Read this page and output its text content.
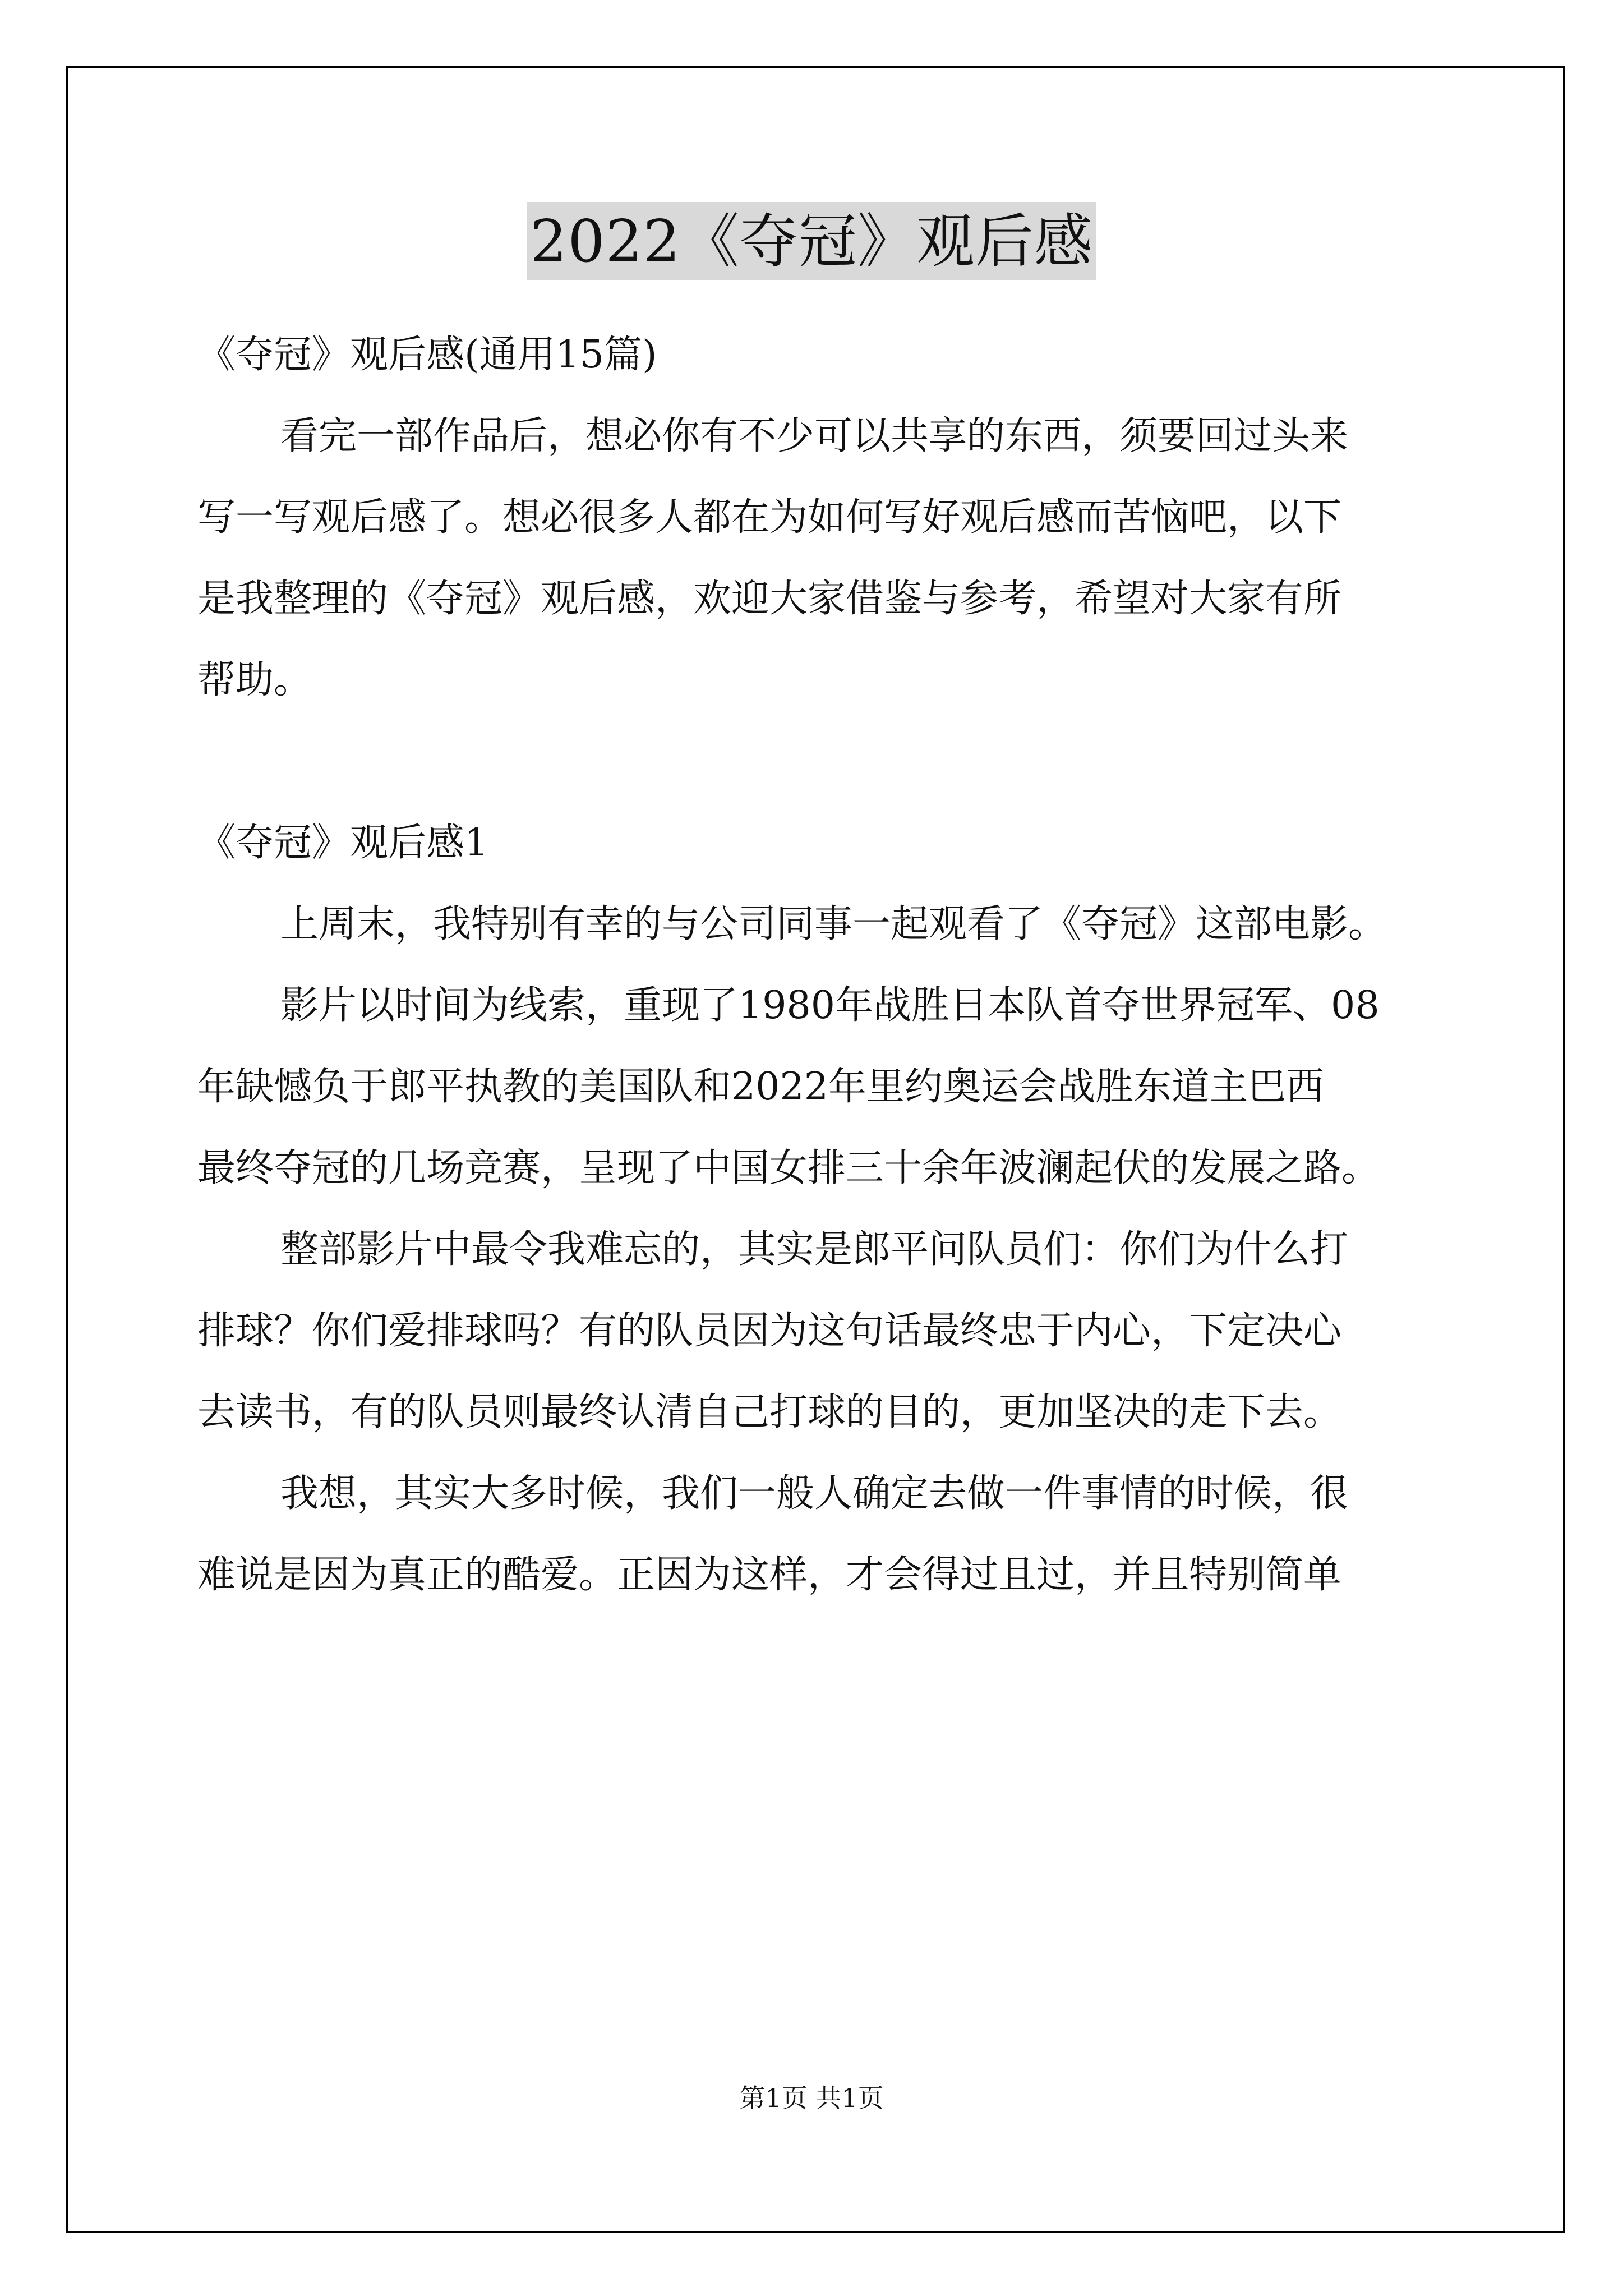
2022《夺冠》观后感
《夺冠》观后感(通用15篇)
看完一部作品后，想必你有不少可以共享的东西，须要回过头来
写一写观后感了。想必很多人都在为如何写好观后感而苦恼吧，以下
是我整理的《夺冠》观后感，欢迎大家借鉴与参考，希望对大家有所
帮助。
《夺冠》观后感1
上周末，我特别有幸的与公司同事一起观看了《夺冠》这部电影。
影片以时间为线索，重现了1980年战胜日本队首夺世界冠军、08
年缺憾负于郎平执教的美国队和2022年里约奥运会战胜东道主巴西
最终夺冠的几场竞赛，呈现了中国女排三十余年波澜起伏的发展之路。
整部影片中最令我难忘的，其实是郎平问队员们：你们为什么打
排球？你们爱排球吗？有的队员因为这句话最终忠于内心，下定决心
去读书，有的队员则最终认清自己打球的目的，更加坚决的走下去。
我想，其实大多时候，我们一般人确定去做一件事情的时候，很
难说是因为真正的酷爱。正因为这样，才会得过且过，并且特别简单
第1页 共1页
